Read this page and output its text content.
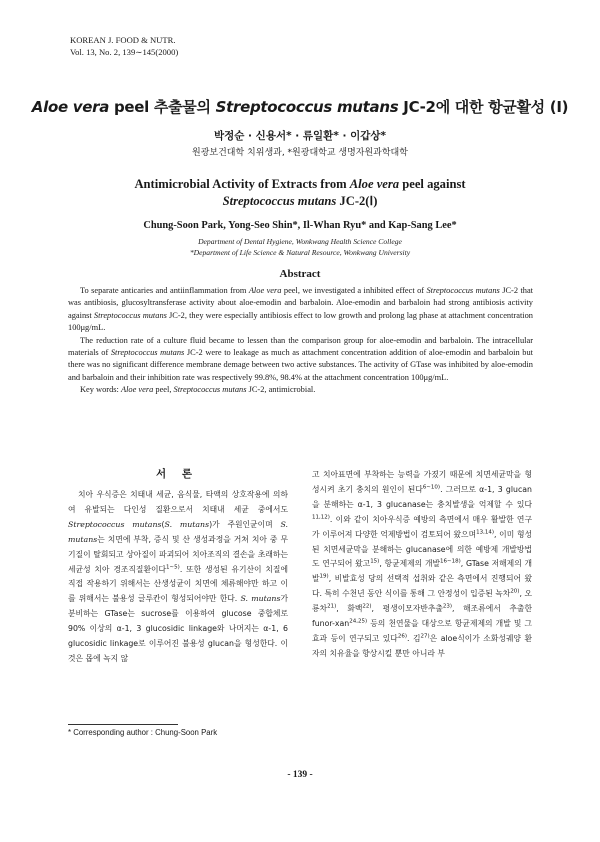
KOREAN J. FOOD & NUTR.
Vol. 13, No. 2, 139∼145(2000)
Aloe vera peel 추출물의 Streptococcus mutans JC-2에 대한 항균활성 (Ⅰ)
박정순 · 신용서* · 류일환* · 이갑상*
원광보건대학 치위생과, *원광대학교 생명자원과학대학
Antimicrobial Activity of Extracts from Aloe vera peel against
Streptococcus mutans JC-2(Ⅰ)
Chung-Soon Park, Yong-Seo Shin*, Il-Whan Ryu* and Kap-Sang Lee*
Department of Dental Hygiene, Wonkwang Health Science College
*Department of Life Science & Natural Resource, Wonkwang University
Abstract

To separate anticaries and antiinflammation from Aloe vera peel, we investigated a inhibited effect of Streptococcus mutans JC-2 that was antibiosis, glucosyltransferase activity about aloe-emodin and barbaloin. Aloe-emodin and barbaloin had strong antibiosis activity against Streptococcus mutans JC-2, they were especially antibiosis effect to low growth and prolong lag phase at attachment concentration 100μg/mL.

The reduction rate of a culture fluid became to lessen than the comparison group for aloe-emodin and barbaloin. The intracellular materials of Streptococcus mutans JC-2 were to leakage as much as attachment concentration addition of aloe-emodin and barbaloin but there was no significant difference membrane demage between two active substances. The activity of GTase was inhibited by aloe-emodin and barbaloin and their inhibition rate was respectively 99.8%, 98.4% at the attachment concentration 100μg/mL.

Key words: Aloe vera peel, Streptococcus mutans JC-2, antimicrobial.

서 론
치아 우식증은 치태내 세균, 음식물, 타액의 상호작용에 의하여 유발되는 다인성 질환으로서 치태내 세균 중에서도 Streptococcus mutans(S. mutans)가 주원인균이며 S. mutans는 치면에 부착, 증식 및 산 생성과정을 거쳐 치아 중 무기질이 탈회되고 상아질이 파괴되어 치아조직의 결손을 초래하는 세균성 치아 경조직질환이다$^{1\sim 5)}$. 또한 생성된 유기산이 치질에 직접 작용하기 위해서는 산생성균이 치면에 체류해야만 하고 이를 위해서는 불용성 글루칸이 형성되어야만 한다. S. mutans가 분비하는 GTase는 sucrose를 이용하여 glucose 중합체로 90% 이상의 α-1, 3 glucosidic linkage와 나머지는 α-1, 6 glucosidic linkage로 이루어진 불용성 glucan을 형성한다. 이것은 몹에 녹지 않
고 치아표면에 부착하는 능력을 가졌기 때문에 치면세균막을 형성시켜 초기 충치의 원인이 된다$^{6\sim 10)}$. 그러므로 α-1, 3 glucan을 분해하는 α-1, 3 glucanase는 충치발생을 억제할 수 있다$^{11,12)}$. 이와 같이 치아우식증 예방의 측면에서 매우 활발한 연구가 이루어져 다양한 억제방법이 검토되어 왔으며$^{13,14)}$, 이미 형성된 치면세균막을 분해하는 glucanase에 의한 예방제 개발방법도 연구되어 왔고$^{15)}$, 항균제제의 개발$^{16\sim 18)}$, GTase 저해제의 개발$^{19)}$, 비발효성 당의 선택적 섭취와 같은 측면에서 진행되어 왔다. 특히 수천년 동안 식이를 통해 그 안정성이 입증된 녹차$^{20)}$, 오룡차$^{21)}$, 화백$^{22)}$, 평생이모자반추출$^{23)}$, 해조류에서 추출한 funor-xan$^{24,25)}$ 등의 천연물을 대상으로 항균제제의 개발 및 그 효과 등이 연구되고 있다$^{26)}$. 김$^{27)}$은 aloe식이가 소화성궤양 환자의 치유율을 향상시킬 뿐만 아니라 부
* Corresponding author : Chung-Soon Park
- 139 -
